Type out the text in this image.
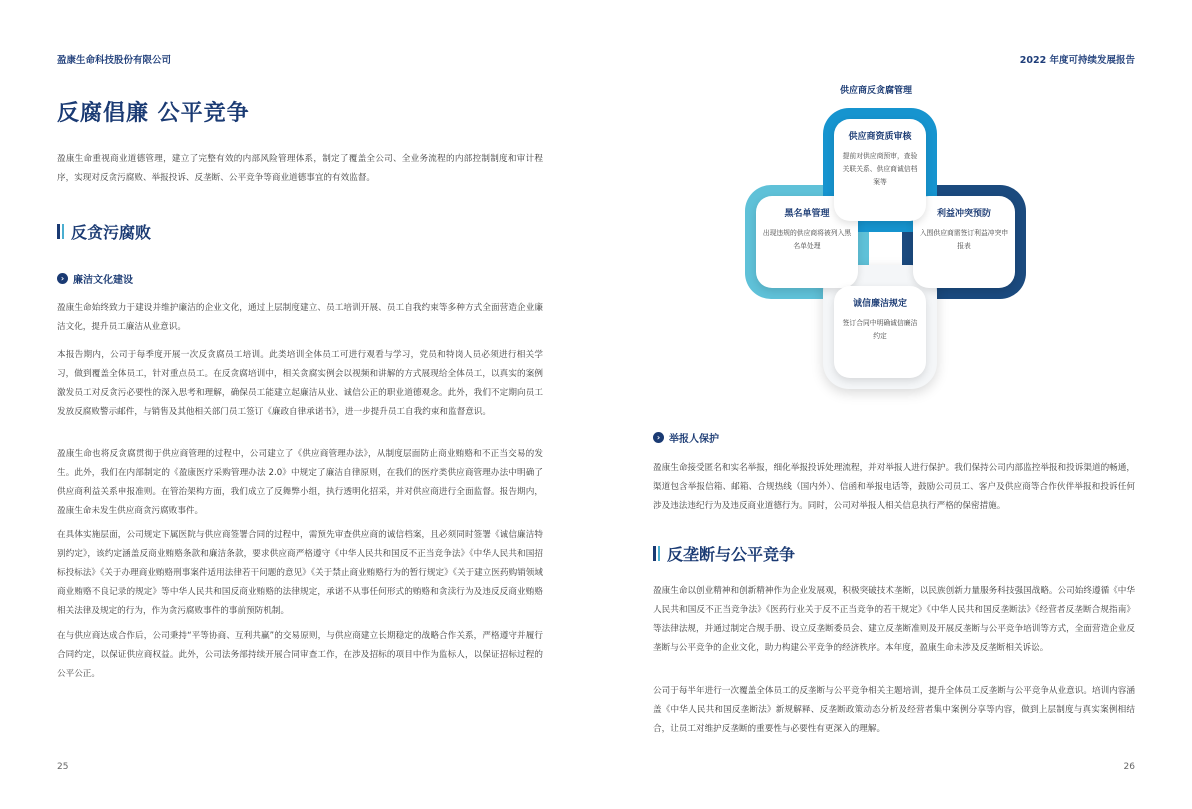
盈康生命科技股份有限公司	2022 年度可持续发展报告
反腐倡廉 公平竞争
盈康生命重视商业道德管理，建立了完整有效的内部风险管理体系，制定了覆盖全公司、全业务流程的内部控制制度和审计程序，实现对反贪污腐败、举报投诉、反垄断、公平竞争等商业道德事宜的有效监督。
反贪污腐败
› 廉洁文化建设
盈康生命始终致力于建设并维护廉洁的企业文化，通过上层制度建立、员工培训开展、员工自我约束等多种方式全面营造企业廉洁文化，提升员工廉洁从业意识。
本报告期内，公司于每季度开展一次反贪腐员工培训。此类培训全体员工可进行观看与学习，党员和特岗人员必须进行相关学习，做到覆盖全体员工，针对重点员工。在反贪腐培训中，相关贪腐实例会以视频和讲解的方式展现给全体员工，以真实的案例激发员工对反贪污必要性的深入思考和理解，确保员工能建立起廉洁从业、诚信公正的职业道德观念。此外，我们不定期向员工发放反腐败警示邮件，与销售及其他相关部门员工签订《廉政自律承诺书》，进一步提升员工自我约束和监督意识。
盈康生命也将反贪腐贯彻于供应商管理的过程中，公司建立了《供应商管理办法》，从制度层面防止商业贿赂和不正当交易的发生。此外，我们在内部制定的《盈康医疗采购管理办法 2.0》中规定了廉洁自律原则，在我们的医疗类供应商管理办法中明确了供应商利益关系申报准则。在管治架构方面，我们成立了反舞弊小组，执行透明化招采，并对供应商进行全面监督。报告期内，盈康生命未发生供应商贪污腐败事件。
在具体实施层面，公司规定下属医院与供应商签署合同的过程中，需预先审查供应商的诚信档案，且必须同时签署《诚信廉洁特别约定》，该约定涵盖反商业贿赂条款和廉洁条款，要求供应商严格遵守《中华人民共和国反不正当竞争法》《中华人民共和国招标投标法》《关于办理商业贿赂刑事案件适用法律若干问题的意见》《关于禁止商业贿赂行为的暂行规定》《关于建立医药购销领域商业贿赂不良记录的规定》等中华人民共和国反商业贿赂的法律规定，承诺不从事任何形式的贿赂和贪渎行为及违反反商业贿赂相关法律及规定的行为，作为贪污腐败事件的事前预防机制。
在与供应商达成合作后，公司秉持“平等协商、互利共赢”的交易原则，与供应商建立长期稳定的战略合作关系，严格遵守并履行合同约定，以保证供应商权益。此外，公司法务部持续开展合同审查工作，在涉及招标的项目中作为监标人，以保证招标过程的公平公正。
25
供应商反贪腐管理
黑名单管理
出现违规的供应商将被列入黑名单处理
利益冲突预防
入围供应商需签订利益冲突申报表
供应商资质审核
提前对供应商预审，查验关联关系、供应商诚信档案等
诚信廉洁规定
签订合同中明确诚信廉洁约定
› 举报人保护
盈康生命接受匿名和实名举报，细化举报投诉处理流程，并对举报人进行保护。我们保持公司内部监控举报和投诉渠道的畅通，渠道包含举报信箱、邮箱、合规热线（国内外）、信函和举报电话等，鼓励公司员工、客户及供应商等合作伙伴举报和投诉任何涉及违法违纪行为及违反商业道德行为。同时，公司对举报人相关信息执行严格的保密措施。
反垄断与公平竞争
盈康生命以创业精神和创新精神作为企业发展观，积极突破技术垄断，以民族创新力量服务科技强国战略。公司始终遵循《中华人民共和国反不正当竞争法》《医药行业关于反不正当竞争的若干规定》《中华人民共和国反垄断法》《经营者反垄断合规指南》等法律法规，并通过制定合规手册、设立反垄断委员会、建立反垄断准则及开展反垄断与公平竞争培训等方式，全面营造企业反垄断与公平竞争的企业文化，助力构建公平竞争的经济秩序。本年度，盈康生命未涉及反垄断相关诉讼。
公司于每半年进行一次覆盖全体员工的反垄断与公平竞争相关主题培训，提升全体员工反垄断与公平竞争从业意识。培训内容涵盖《中华人民共和国反垄断法》新规解释、反垄断政策动态分析及经营者集中案例分享等内容，做到上层制度与真实案例相结合，让员工对维护反垄断的重要性与必要性有更深入的理解。
26
